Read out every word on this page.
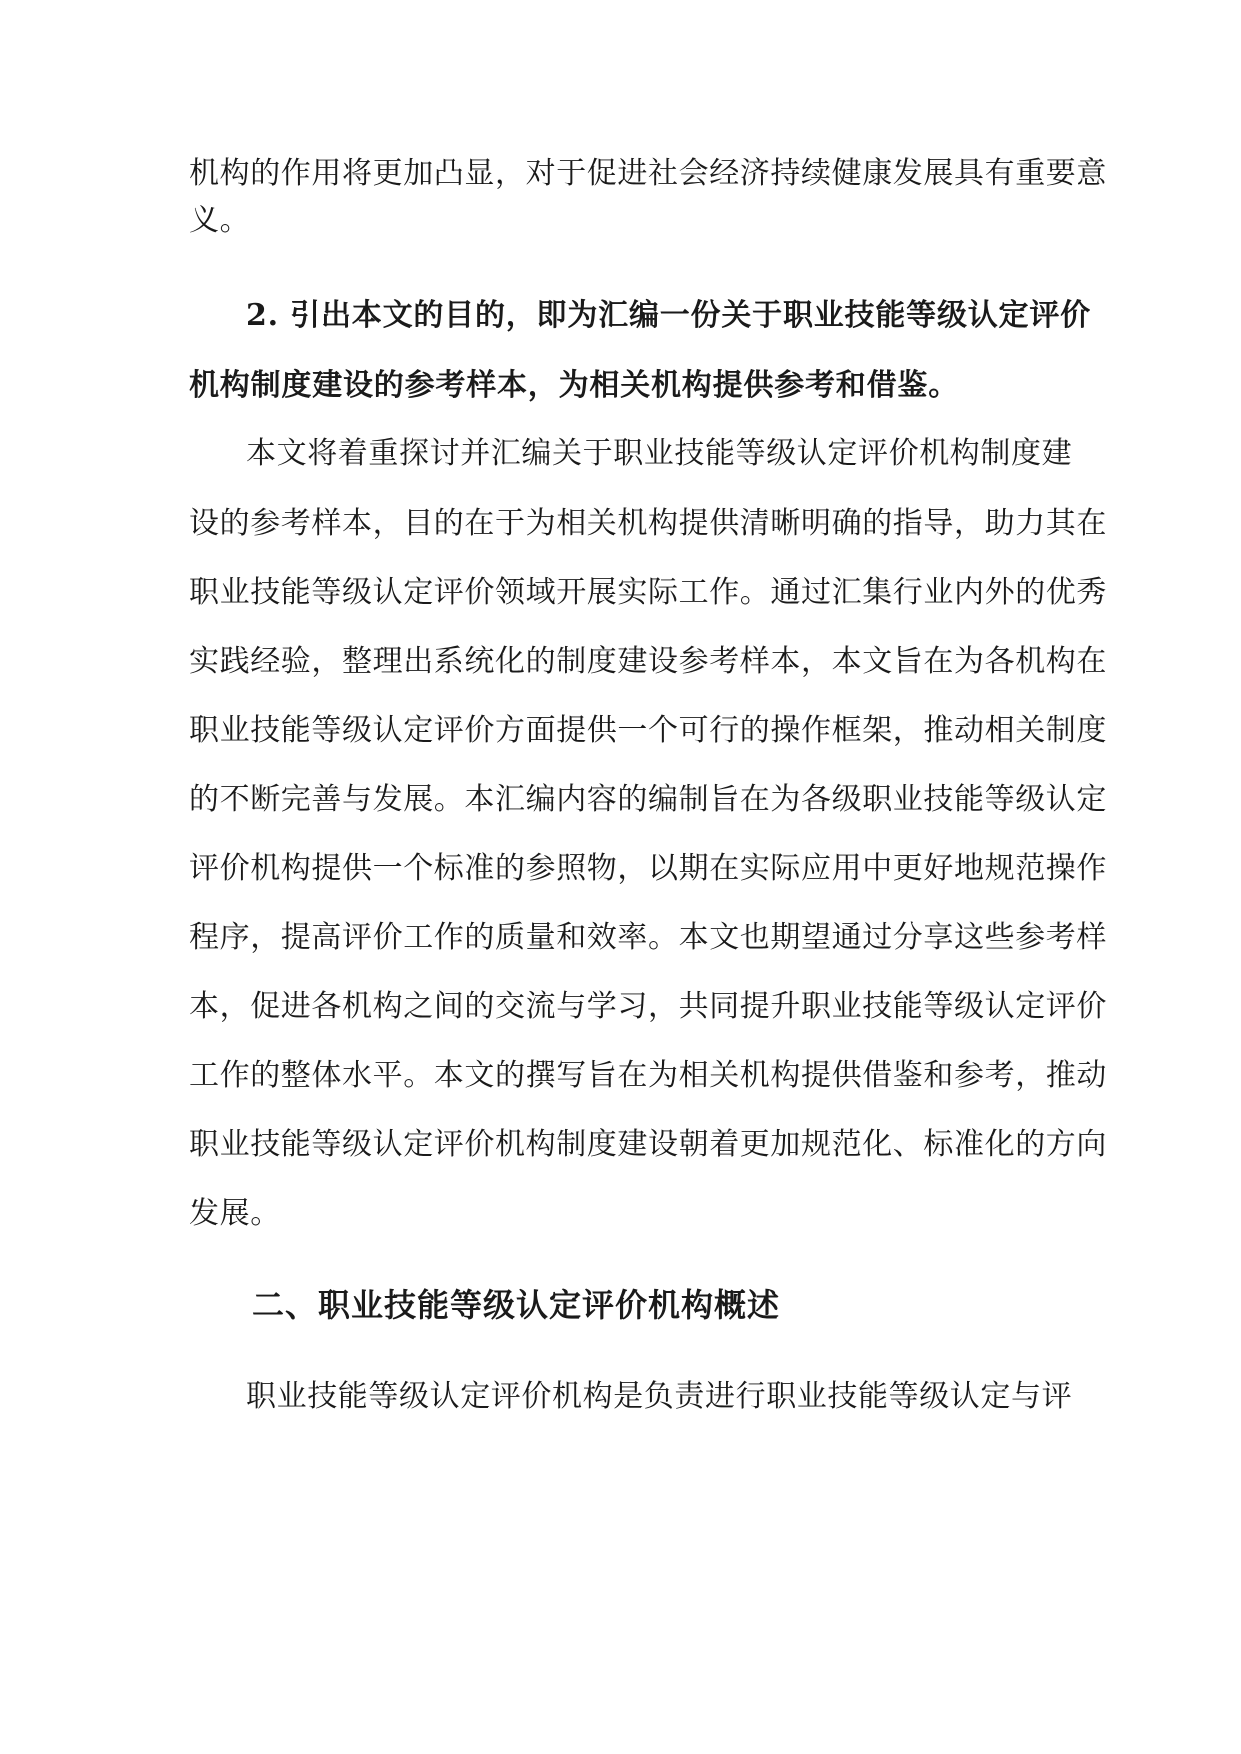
机构的作用将更加凸显，对于促进社会经济持续健康发展具有重要意

义。

2. 引出本文的目的，即为汇编一份关于职业技能等级认定评价

机构制度建设的参考样本，为相关机构提供参考和借鉴。

本文将着重探讨并汇编关于职业技能等级认定评价机构制度建

设的参考样本，目的在于为相关机构提供清晰明确的指导，助力其在

职业技能等级认定评价领域开展实际工作。通过汇集行业内外的优秀

实践经验，整理出系统化的制度建设参考样本，本文旨在为各机构在

职业技能等级认定评价方面提供一个可行的操作框架，推动相关制度

的不断完善与发展。本汇编内容的编制旨在为各级职业技能等级认定

评价机构提供一个标准的参照物，以期在实际应用中更好地规范操作

程序，提高评价工作的质量和效率。本文也期望通过分享这些参考样

本，促进各机构之间的交流与学习，共同提升职业技能等级认定评价

工作的整体水平。本文的撰写旨在为相关机构提供借鉴和参考，推动

职业技能等级认定评价机构制度建设朝着更加规范化、标准化的方向

发展。

二、职业技能等级认定评价机构概述

职业技能等级认定评价机构是负责进行职业技能等级认定与评
